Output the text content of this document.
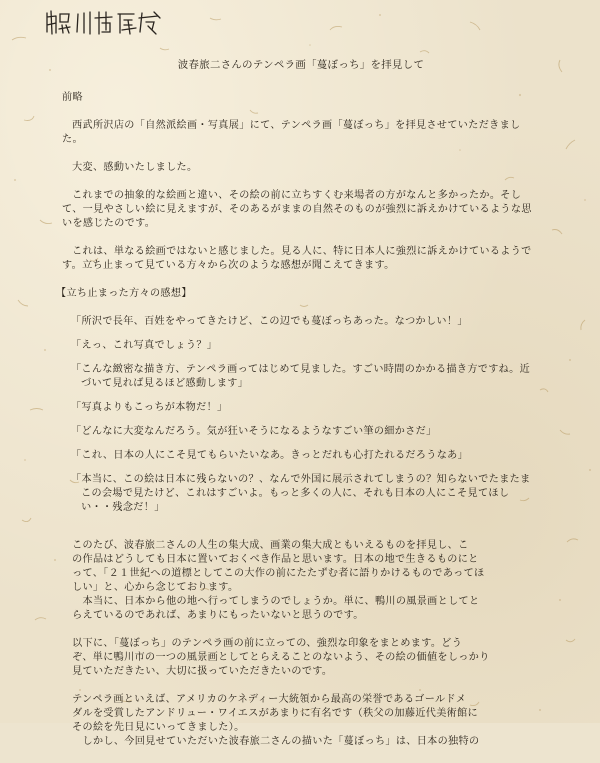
波春旅二さんのテンペラ画「蔓ぼっち」を拝見して
前略
西武所沢店の「自然派絵画・写真展」にて、テンペラ画「蔓ぼっち」を拝見させていただきました。
大変、感動いたしました。
これまでの抽象的な絵画と違い、その絵の前に立ちすくむ来場者の方がなんと多かったか。そして、一見やさしい絵に見えますが、そのあるがままの自然そのものが強烈に訴えかけているような思いを感じたのです。
これは、単なる絵画ではないと感じました。見る人に、特に日本人に強烈に訴えかけているようです。立ち止まって見ている方々から次のような感想が聞こえてきます。
【立ち止まった方々の感想】
「所沢で長年、百姓をやってきたけど、この辺でも蔓ぼっちあった。なつかしい！」
「えっ、これ写真でしょう？」
「こんな緻密な描き方、テンペラ画ってはじめて見ました。すごい時間のかかる描き方ですね。近づいて見れば見るほど感動します」
「写真よりもこっちが本物だ！」
「どんなに大変なんだろう。気が狂いそうになるようなすごい筆の細かさだ」
「これ、日本の人にこそ見てもらいたいなあ。きっとだれも心打たれるだろうなあ」
「本当に、この絵は日本に残らないの？、なんで外国に展示されてしまうの？知らないでたまたまこの会場で見たけど、これはすごいよ。もっと多くの人に、それも日本の人にこそ見てほしい・・残念だ！」
このたび、波春旅二さんの人生の集大成、画業の集大成ともいえるものを拝見し、こ
の作品はどうしても日本に置いておくべき作品と思います。日本の地で生きるものにと
って、「２１世紀への道標としてこの大作の前にたたずむ者に語りかけるものであってほ
しい」と、心から念じております。
　本当に、日本から他の地へ行ってしまうのでしょうか。単に、鴨川の風景画としてと
らえているのであれば、あまりにもったいないと思うのです。
以下に、「蔓ぼっち」のテンペラ画の前に立っての、強烈な印象をまとめます。どう
ぞ、単に鴨川市の一つの風景画としてとらえることのないよう、その絵の価値をしっかり
見ていただきたい、大切に扱っていただきたいのです。
テンペラ画といえば、アメリカのケネディー大統領から最高の栄誉であるゴールドメ
ダルを受賞したアンドリュー・ワイエスがあまりに有名です（秩父の加藤近代美術館に
その絵を先日見にいってきました）。
　しかし、今回見せていただいた波春旅二さんの描いた「蔓ぼっち」は、日本の独特の
